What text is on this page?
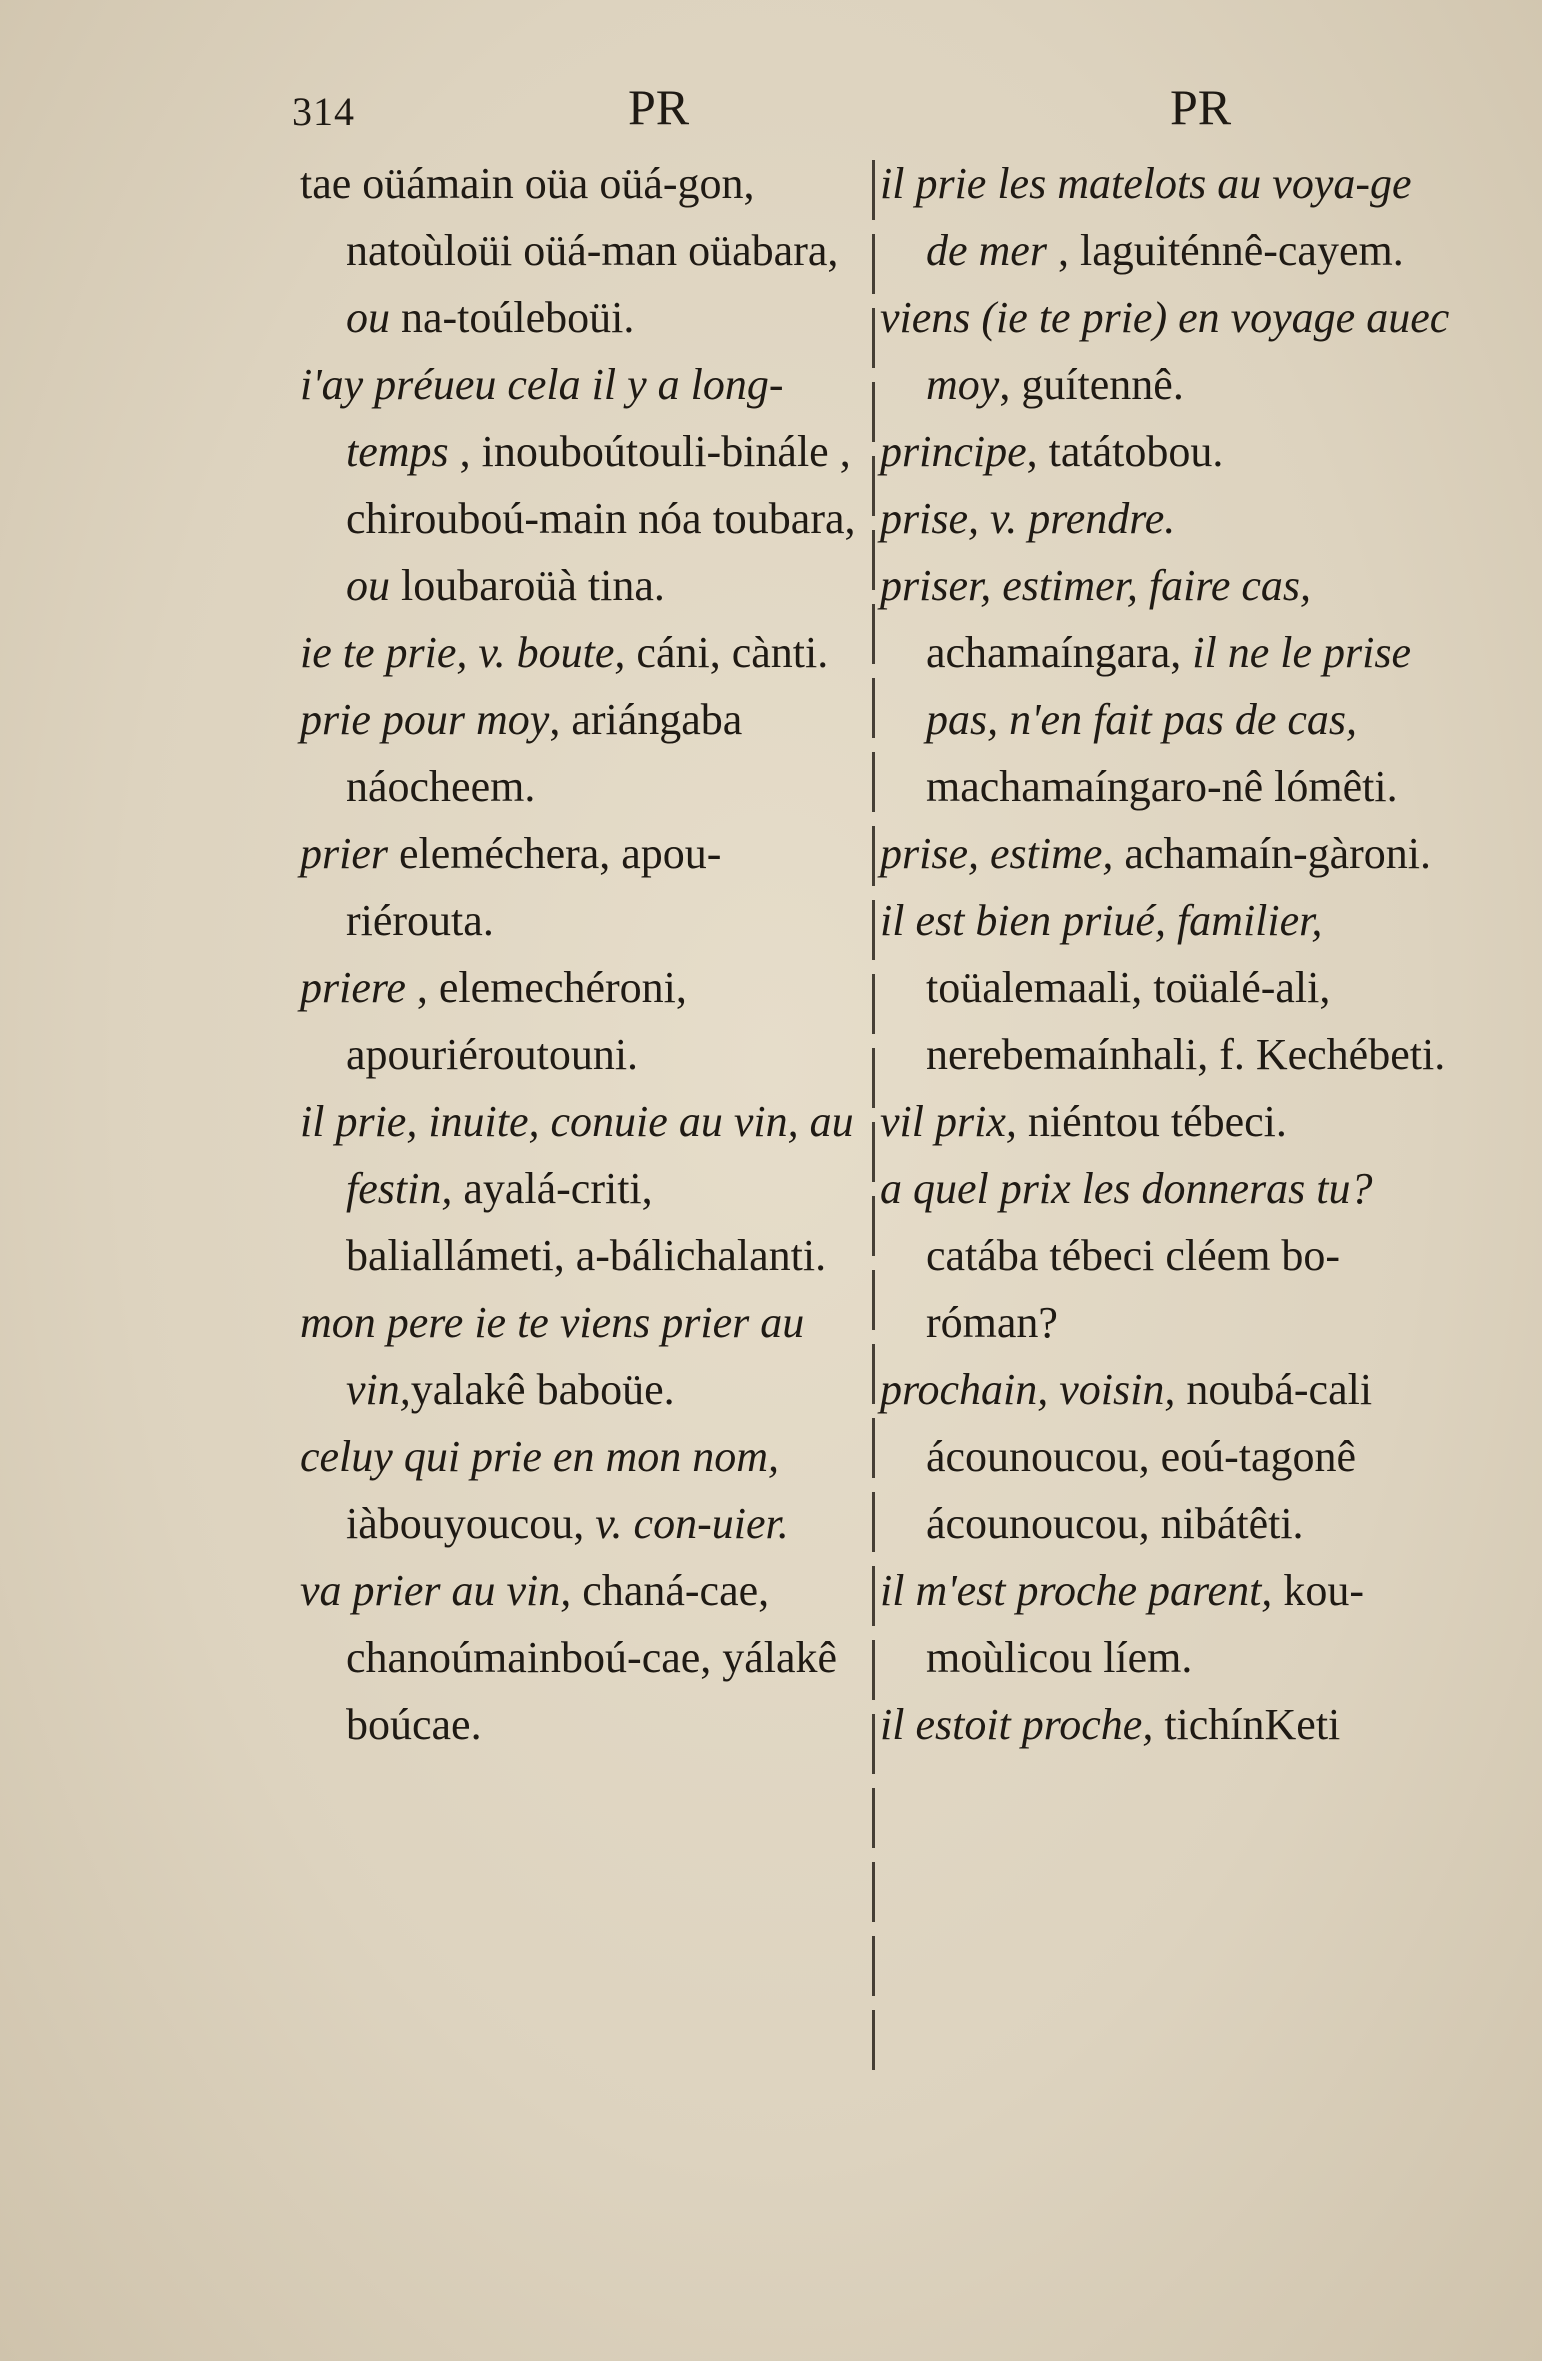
314	PR	PR

tae oüámain oüa oüá-gon, natoùloüi oüá-man oüabara, ou na-toúleboüi.

i'ay préueu cela il y a long-temps , inouboútouli-binále , chirouboú-main nóa toubara, ou loubaroüà tina.

ie te prie, v. boute, cáni, cànti.

prie pour moy, ariángaba náocheem.

prier eleméchera, apou-riérouta.

priere , elemechéroni, apouriéroutouni.

il prie, inuite, conuie au vin, au festin, ayalá-criti, baliallámeti, a-bálichalanti.

mon pere ie te viens prier au vin,yalakê baboüe.

celuy qui prie en mon nom, iàbouyoucou, v. con-uier.

va prier au vin, chaná-cae, chanoúmainboú-cae, yálakê boúcae.

il prie les matelots au voya-ge de mer , laguiténnê-cayem.

viens (ie te prie) en voyage auec moy, guítennê.

principe, tatátobou.

prise, v. prendre.

priser, estimer, faire cas, achamaíngara, il ne le prise pas, n'en fait pas de cas, machamaíngaro-nê lómêti.

prise, estime, achamaín-gàroni.

il est bien priué, familier, toüalemaali, toüalé-ali, nerebemaínhali, f. Kechébeti.

vil prix, niéntou tébeci.

a quel prix les donneras tu? catába tébeci cléem bo-róman?

prochain, voisin, noubá-cali ácounoucou, eoú-tagonê ácounoucou, nibátêti.

il m'est proche parent, kou-moùlicou líem.

il estoit proche, tichínKeti
